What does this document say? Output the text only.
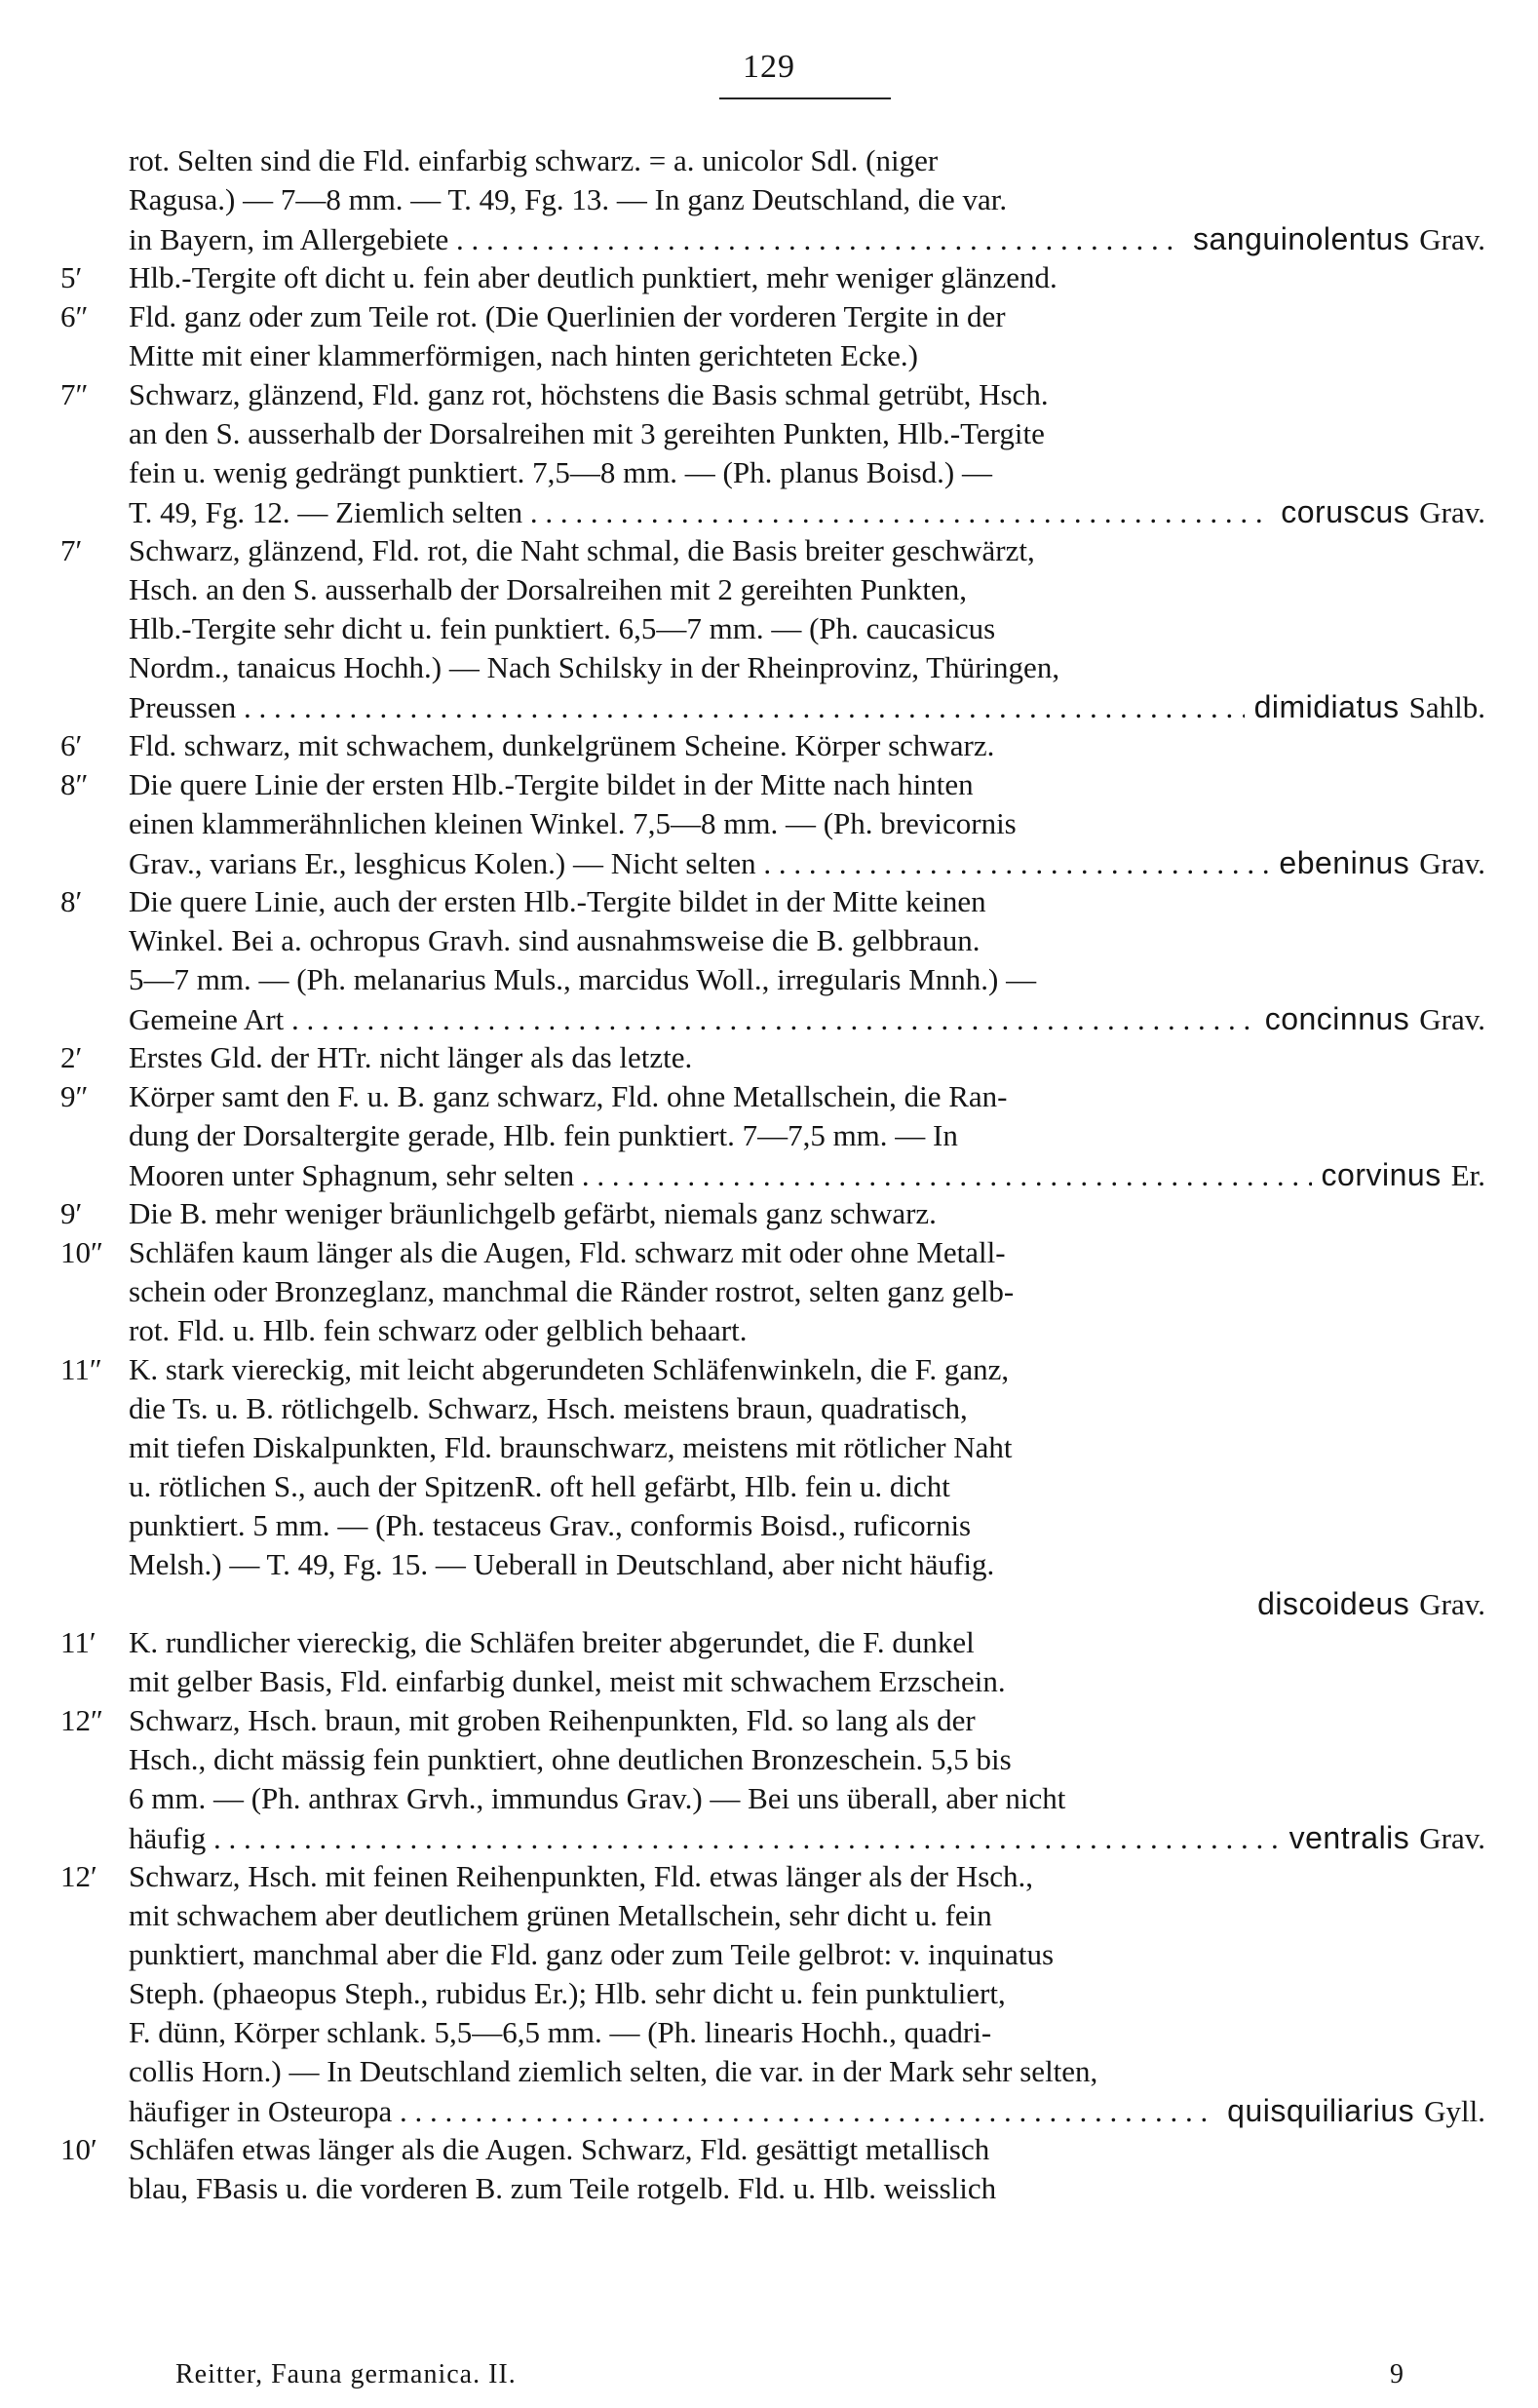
129
rot. Selten sind die Fld. einfarbig schwarz. = a. unicolor Sdl. (niger
Ragusa.) — 7—8 mm. — T. 49, Fg. 13. — In ganz Deutschland, die var.
in Bayern, im Allergebiete . . .	sanguinolentus Grav.
5′	Hlb.-Tergite oft dicht u. fein aber deutlich punktiert, mehr weniger glänzend.
6″	Fld. ganz oder zum Teile rot. (Die Querlinien der vorderen Tergite in der
Mitte mit einer klammerförmigen, nach hinten gerichteten Ecke.)
7″	Schwarz, glänzend, Fld. ganz rot, höchstens die Basis schmal getrübt, Hsch.
an den S. ausserhalb der Dorsalreihen mit 3 gereihten Punkten, Hlb.-Tergite
fein u. wenig gedrängt punktiert. 7,5—8 mm. — (Ph. planus Boisd.) —
T. 49, Fg. 12. — Ziemlich selten . . .	coruscus Grav.
7′	Schwarz, glänzend, Fld. rot, die Naht schmal, die Basis breiter geschwärzt,
Hsch. an den S. ausserhalb der Dorsalreihen mit 2 gereihten Punkten,
Hlb.-Tergite sehr dicht u. fein punktiert. 6,5—7 mm. — (Ph. caucasicus
Nordm., tanaicus Hochh.) — Nach Schilsky in der Rheinprovinz, Thüringen,
Preussen . . .	dimidiatus Sahlb.
6′	Fld. schwarz, mit schwachem, dunkelgrünem Scheine. Körper schwarz.
8″	Die quere Linie der ersten Hlb.-Tergite bildet in der Mitte nach hinten
einen klammerähnlichen kleinen Winkel. 7,5—8 mm. — (Ph. brevicornis
Grav., varians Er., lesghicus Kolen.) — Nicht selten . . .	ebeninus Grav.
8′	Die quere Linie, auch der ersten Hlb.-Tergite bildet in der Mitte keinen
Winkel. Bei a. ochropus Gravh. sind ausnahmsweise die B. gelbbraun.
5—7 mm. — (Ph. melanarius Muls., marcidus Woll., irregularis Mnnh.) —
Gemeine Art . . .	concinnus Grav.
2′	Erstes Gld. der HTr. nicht länger als das letzte.
9″	Körper samt den F. u. B. ganz schwarz, Fld. ohne Metallschein, die Ran-
dung der Dorsaltergite gerade, Hlb. fein punktiert. 7—7,5 mm. — In
Mooren unter Sphagnum, sehr selten . . .	corvinus Er.
9′	Die B. mehr weniger bräunlichgelb gefärbt, niemals ganz schwarz.
10″ Schläfen kaum länger als die Augen, Fld. schwarz mit oder ohne Metall-
schein oder Bronzeglanz, manchmal die Ränder rostrot, selten ganz gelb-
rot. Fld. u. Hlb. fein schwarz oder gelblich behaart.
11″ K. stark viereckig, mit leicht abgerundeten Schläfenwinkeln, die F. ganz,
die Ts. u. B. rötlichgelb. Schwarz, Hsch. meistens braun, quadratisch,
mit tiefen Diskalpunkten, Fld. braunschwarz, meistens mit rötlicher Naht
u. rötlichen S., auch der SpitzenR. oft hell gefärbt, Hlb. fein u. dicht
punktiert. 5 mm. — (Ph. testaceus Grav., conformis Boisd., ruficornis
Melsh.) — T. 49, Fg. 15. — Ueberall in Deutschland, aber nicht häufig.
discoideus Grav.
11′	K. rundlicher viereckig, die Schläfen breiter abgerundet, die F. dunkel
mit gelber Basis, Fld. einfarbig dunkel, meist mit schwachem Erzschein.
12″ Schwarz, Hsch. braun, mit groben Reihenpunkten, Fld. so lang als der
Hsch., dicht mässig fein punktiert, ohne deutlichen Bronzeschein. 5,5 bis
6 mm. — (Ph. anthrax Grvh., immundus Grav.) — Bei uns überall, aber nicht
häufig . . .	ventralis Grav.
12′	Schwarz, Hsch. mit feinen Reihenpunkten, Fld. etwas länger als der Hsch.,
mit schwachem aber deutlichem grünen Metallschein, sehr dicht u. fein
punktiert, manchmal aber die Fld. ganz oder zum Teile gelbrot: v. inquinatus
Steph. (phaeopus Steph., rubidus Er.); Hlb. sehr dicht u. fein punktuliert,
F. dünn, Körper schlank. 5,5—6,5 mm. — (Ph. linearis Hochh., quadri-
collis Horn.) — In Deutschland ziemlich selten, die var. in der Mark sehr selten,
häufiger in Osteuropa . . .	quisquiliarius Gyll.
10′	Schläfen etwas länger als die Augen. Schwarz, Fld. gesättigt metallisch
blau, FBasis u. die vorderen B. zum Teile rotgelb. Fld. u. Hlb. weisslich
Reitter, Fauna germanica. II.	9
